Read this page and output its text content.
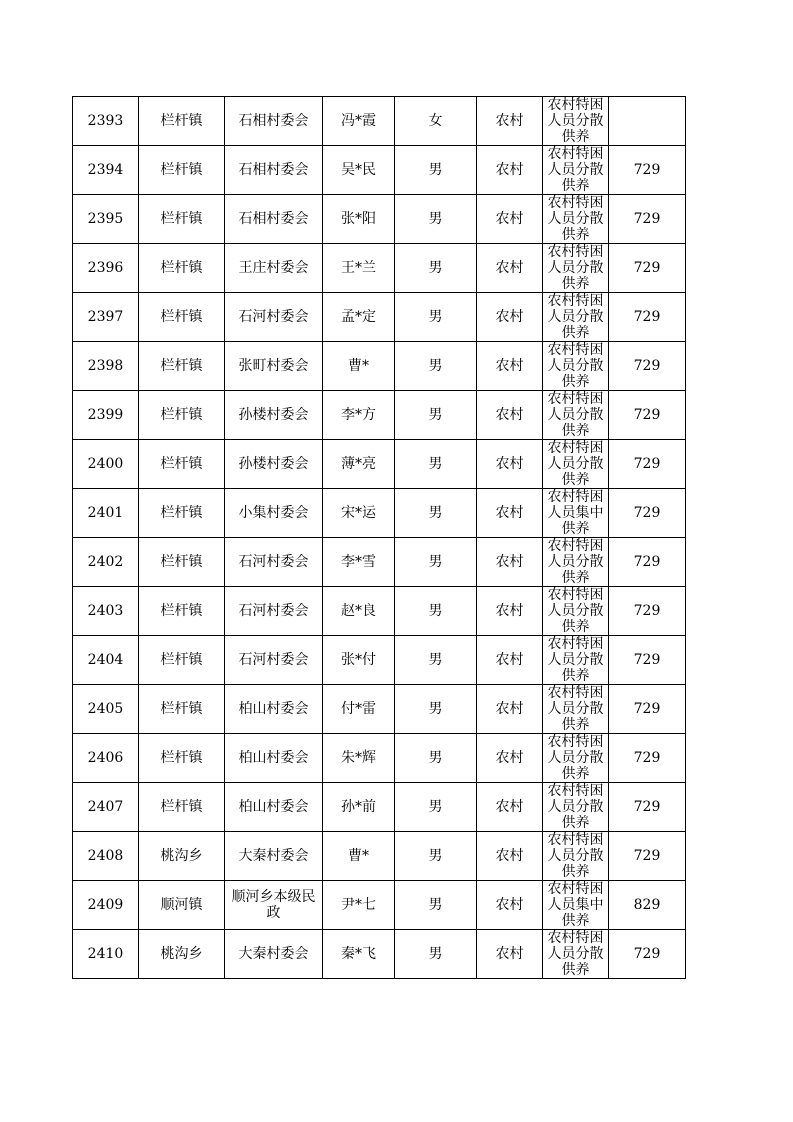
2393	栏杆镇	石相村委会	冯*霞	女	农村	农村特困人员分散供养	

2394	栏杆镇	石相村委会	吴*民	男	农村	农村特困人员分散供养	729
2395	栏杆镇	石相村委会	张*阳	男	农村	农村特困人员分散供养	729
2396	栏杆镇	王庄村委会	王*兰	男	农村	农村特困人员分散供养	729
2397	栏杆镇	石河村委会	孟*定	男	农村	农村特困人员分散供养	729
2398	栏杆镇	张町村委会	曹*	男	农村	农村特困人员分散供养	729
2399	栏杆镇	孙楼村委会	李*方	男	农村	农村特困人员分散供养	729
2400	栏杆镇	孙楼村委会	薄*亮	男	农村	农村特困人员分散供养	729
2401	栏杆镇	小集村委会	宋*运	男	农村	农村特困人员集中供养	729
2402	栏杆镇	石河村委会	李*雪	男	农村	农村特困人员分散供养	729
2403	栏杆镇	石河村委会	赵*良	男	农村	农村特困人员分散供养	729
2404	栏杆镇	石河村委会	张*付	男	农村	农村特困人员分散供养	729
2405	栏杆镇	柏山村委会	付*雷	男	农村	农村特困人员分散供养	729
2406	栏杆镇	柏山村委会	朱*辉	男	农村	农村特困人员分散供养	729
2407	栏杆镇	柏山村委会	孙*前	男	农村	农村特困人员分散供养	729
2408	桃沟乡	大秦村委会	曹*	男	农村	农村特困人员分散供养	729
2409	顺河镇	顺河乡本级民政	尹*七	男	农村	农村特困人员集中供养	829
2410	桃沟乡	大秦村委会	秦*飞	男	农村	农村特困人员分散供养	729
